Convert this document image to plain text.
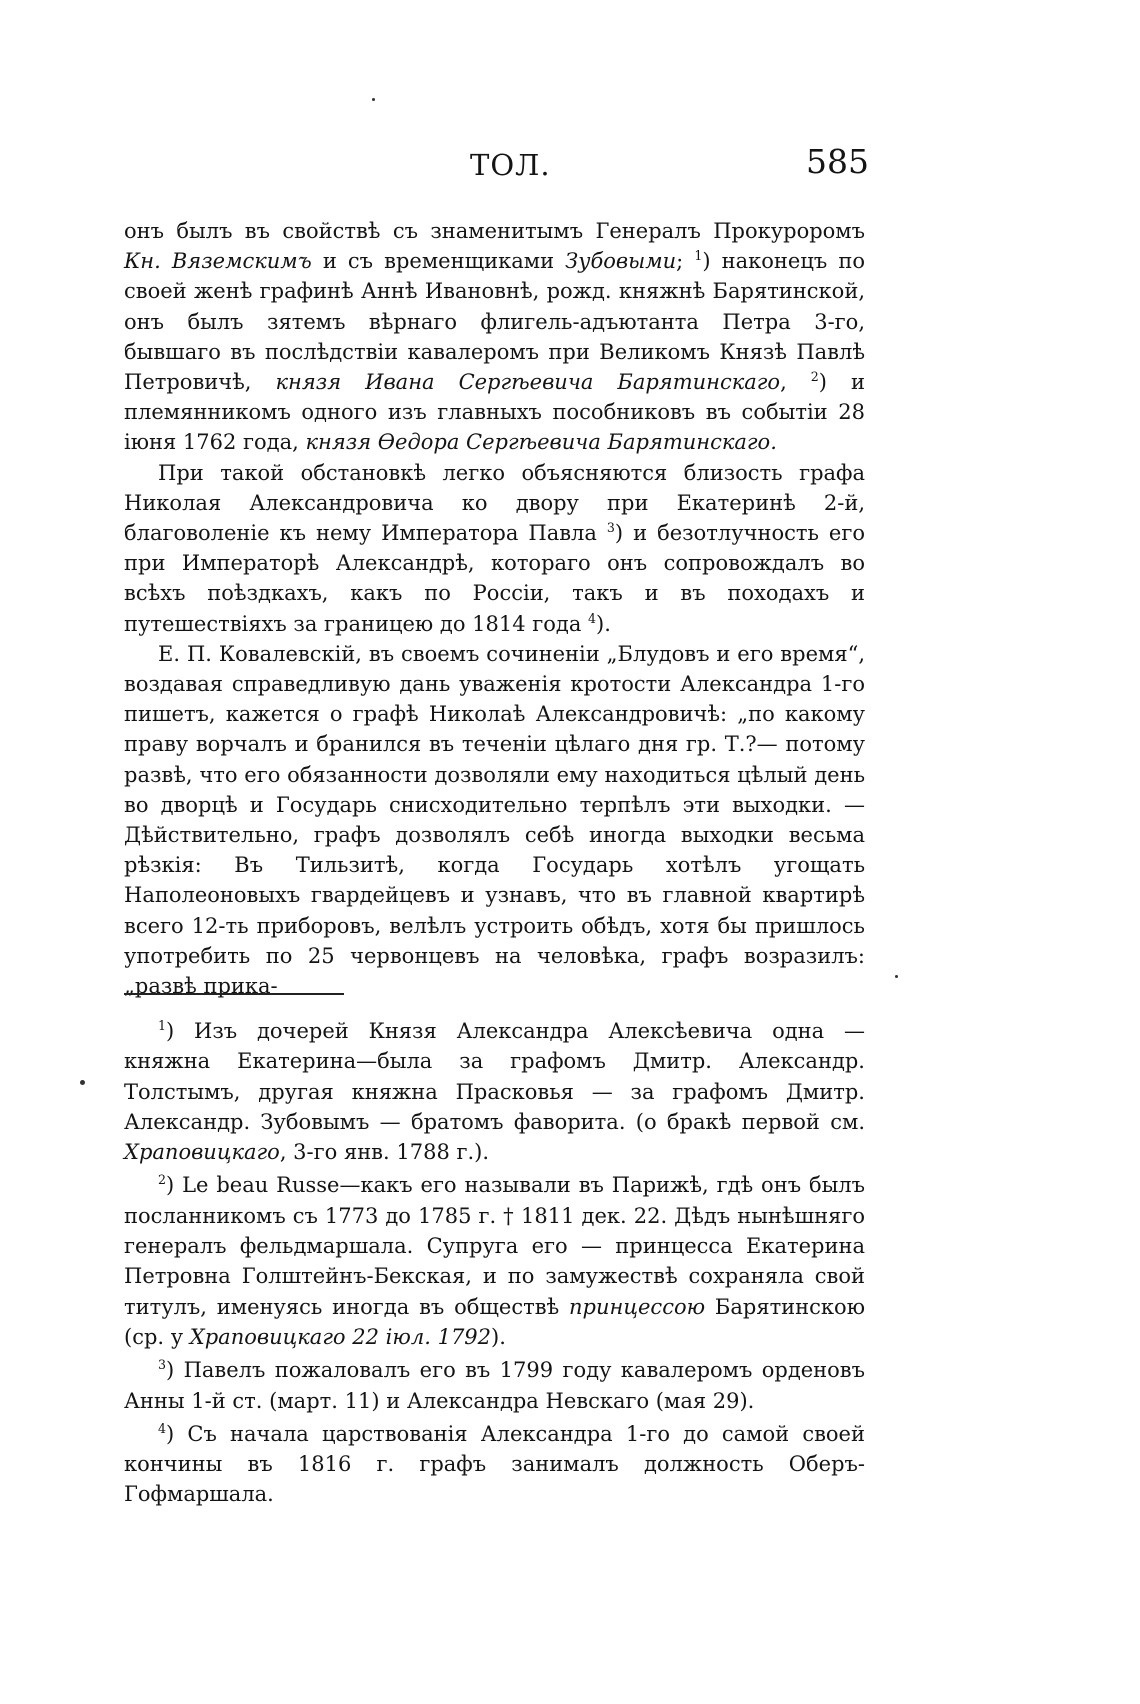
ТОЛ.	585

онъ былъ въ свойствѣ съ знаменитымъ Генералъ Прокуроромъ Кн. Вяземскимъ и съ временщиками Зубовыми; $^1$) наконецъ по своей женѣ графинѣ Аннѣ Ивановнѣ, рожд. княжнѣ Барятинской, онъ былъ зятемъ вѣрнаго флигель-адъютанта Петра 3-го, бывшаго въ послѣдствіи кавалеромъ при Великомъ Князѣ Павлѣ Петровичѣ, князя Ивана Сергѣевича Барятинскаго, $^2$) и племянникомъ одного изъ главныхъ пособниковъ въ событіи 28 іюня 1762 года, князя Өедора Сергѣевича Барятинскаго.

При такой обстановкѣ легко объясняются близость графа Николая Александровича ко двору при Екатеринѣ 2-й, благоволеніе къ нему Императора Павла $^3$) и безотлучность его при Императорѣ Александрѣ, котораго онъ сопровождалъ во всѣхъ поѣздкахъ, какъ по Россіи, такъ и въ походахъ и путешествіяхъ за границею до 1814 года $^4$).

Е. П. Ковалевскій, въ своемъ сочиненіи „Блудовъ и его время“, воздавая справедливую дань уваженія кротости Александра 1-го пишетъ, кажется о графѣ Николаѣ Александровичѣ: „по какому праву ворчалъ и бранился въ теченіи цѣлаго дня гр. Т.?— потому развѣ, что его обязанности дозволяли ему находиться цѣлый день во дворцѣ и Государь снисходительно терпѣлъ эти выходки. — Дѣйствительно, графъ дозволялъ себѣ иногда выходки весьма рѣзкія: Въ Тильзитѣ, когда Государь хотѣлъ угощать Наполеоновыхъ гвардейцевъ и узнавъ, что въ главной квартирѣ всего 12-ть приборовъ, велѣлъ устроить обѣдъ, хотя бы пришлось употребить по 25 червонцевъ на человѣка, графъ возразилъ: „развѣ прика-

$^1$) Изъ дочерей Князя Александра Алексѣевича одна — княжна Екатерина—была за графомъ Дмитр. Александр. Толстымъ, другая княжна Прасковья — за графомъ Дмитр. Александр. Зубовымъ — братомъ фаворита. (о бракѣ первой см. Храповицкаго, 3-го янв. 1788 г.).

$^2$) Le beau Russe—какъ его называли въ Парижѣ, гдѣ онъ былъ посланникомъ съ 1773 до 1785 г. † 1811 дек. 22. Дѣдъ нынѣшняго генералъ фельдмаршала. Супруга его — принцесса Екатерина Петровна Голштейнъ-Бекская, и по замужествѣ сохраняла свой титулъ, именуясь иногда въ обществѣ принцессою Барятинскою (ср. у Храповицкаго 22 іюл. 1792).

$^3$) Павелъ пожаловалъ его въ 1799 году кавалеромъ орденовъ Анны 1-й ст. (март. 11) и Александра Невскаго (мая 29).

$^4$) Съ начала царствованія Александра 1-го до самой своей кончины въ 1816 г. графъ занималъ должность Оберъ-Гофмаршала.
